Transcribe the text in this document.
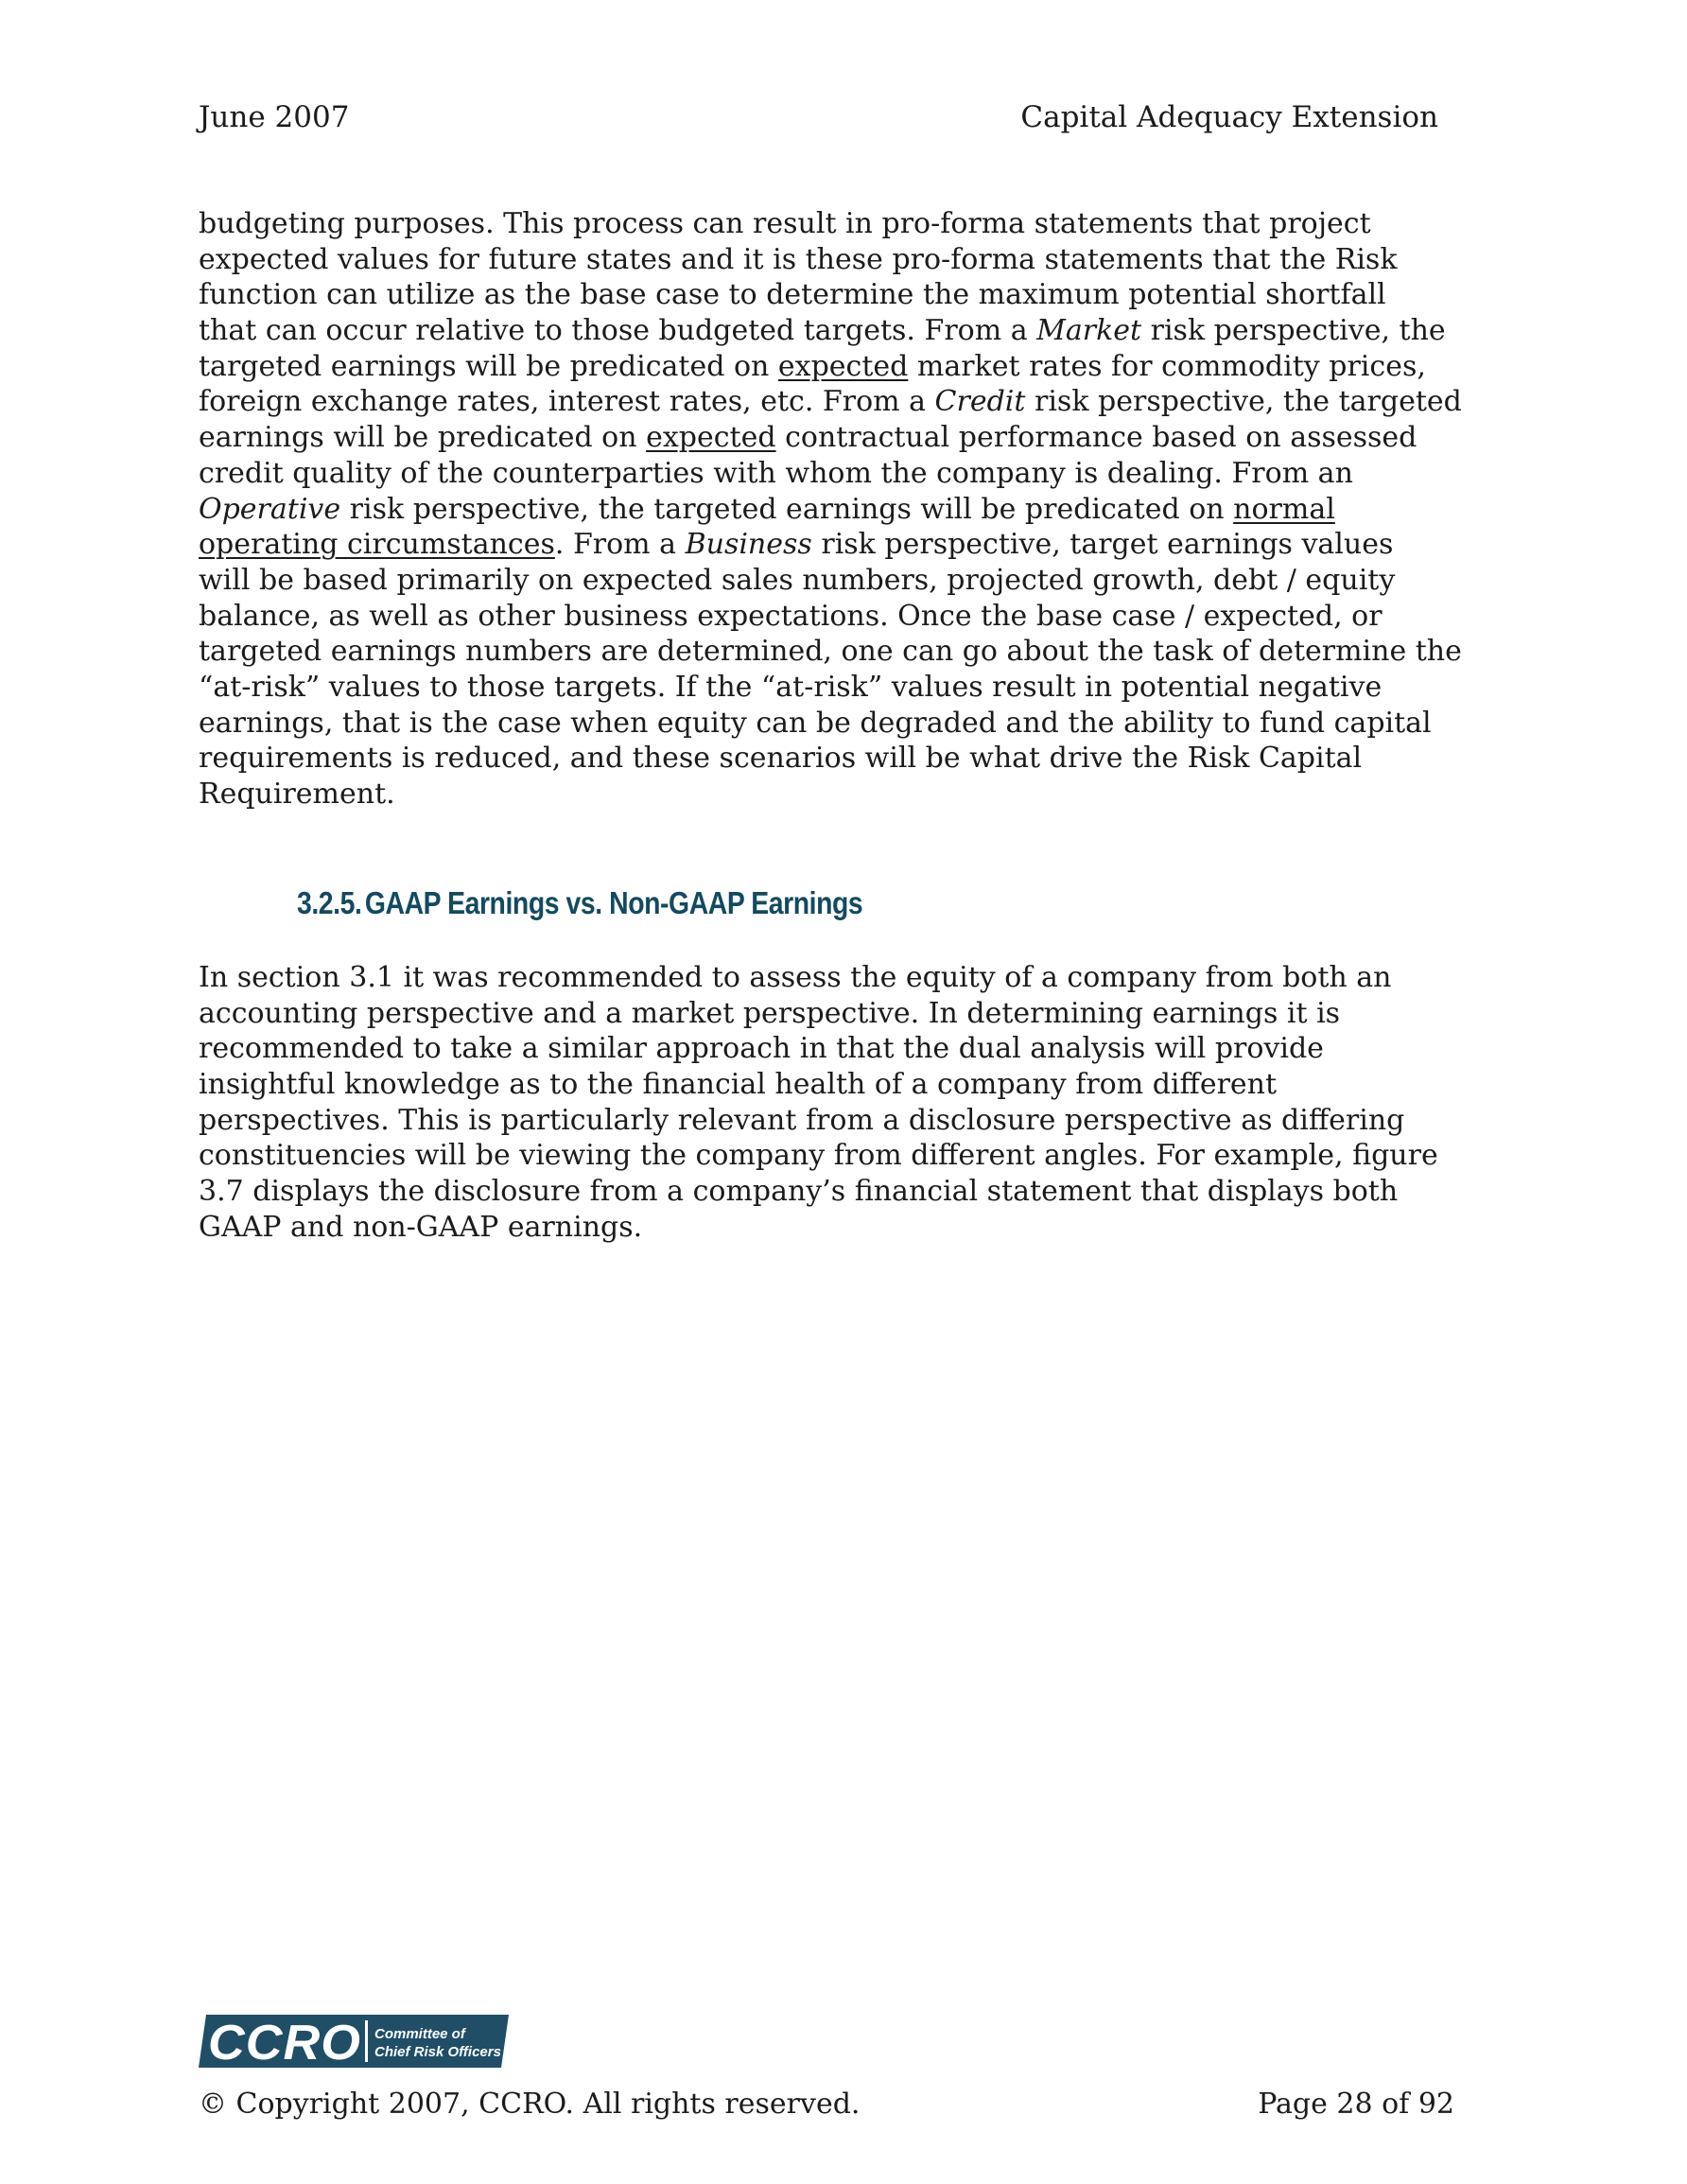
June 2007	Capital Adequacy Extension
budgeting purposes. This process can result in pro-forma statements that project
expected values for future states and it is these pro-forma statements that the Risk
function can utilize as the base case to determine the maximum potential shortfall
that can occur relative to those budgeted targets. From a Market risk perspective, the
targeted earnings will be predicated on expected market rates for commodity prices,
foreign exchange rates, interest rates, etc. From a Credit risk perspective, the targeted
earnings will be predicated on expected contractual performance based on assessed
credit quality of the counterparties with whom the company is dealing. From an
Operative risk perspective, the targeted earnings will be predicated on normal
operating circumstances. From a Business risk perspective, target earnings values
will be based primarily on expected sales numbers, projected growth, debt / equity
balance, as well as other business expectations. Once the base case / expected, or
targeted earnings numbers are determined, one can go about the task of determine the
“at-risk” values to those targets. If the “at-risk” values result in potential negative
earnings, that is the case when equity can be degraded and the ability to fund capital
requirements is reduced, and these scenarios will be what drive the Risk Capital
Requirement.
3.2.5. GAAP Earnings vs. Non-GAAP Earnings
In section 3.1 it was recommended to assess the equity of a company from both an
accounting perspective and a market perspective. In determining earnings it is
recommended to take a similar approach in that the dual analysis will provide
insightful knowledge as to the financial health of a company from different
perspectives. This is particularly relevant from a disclosure perspective as differing
constituencies will be viewing the company from different angles. For example, figure
3.7 displays the disclosure from a company’s financial statement that displays both
GAAP and non-GAAP earnings.
CCRO Committee of
Chief Risk Officers
© Copyright 2007, CCRO. All rights reserved.	Page 28 of 92
